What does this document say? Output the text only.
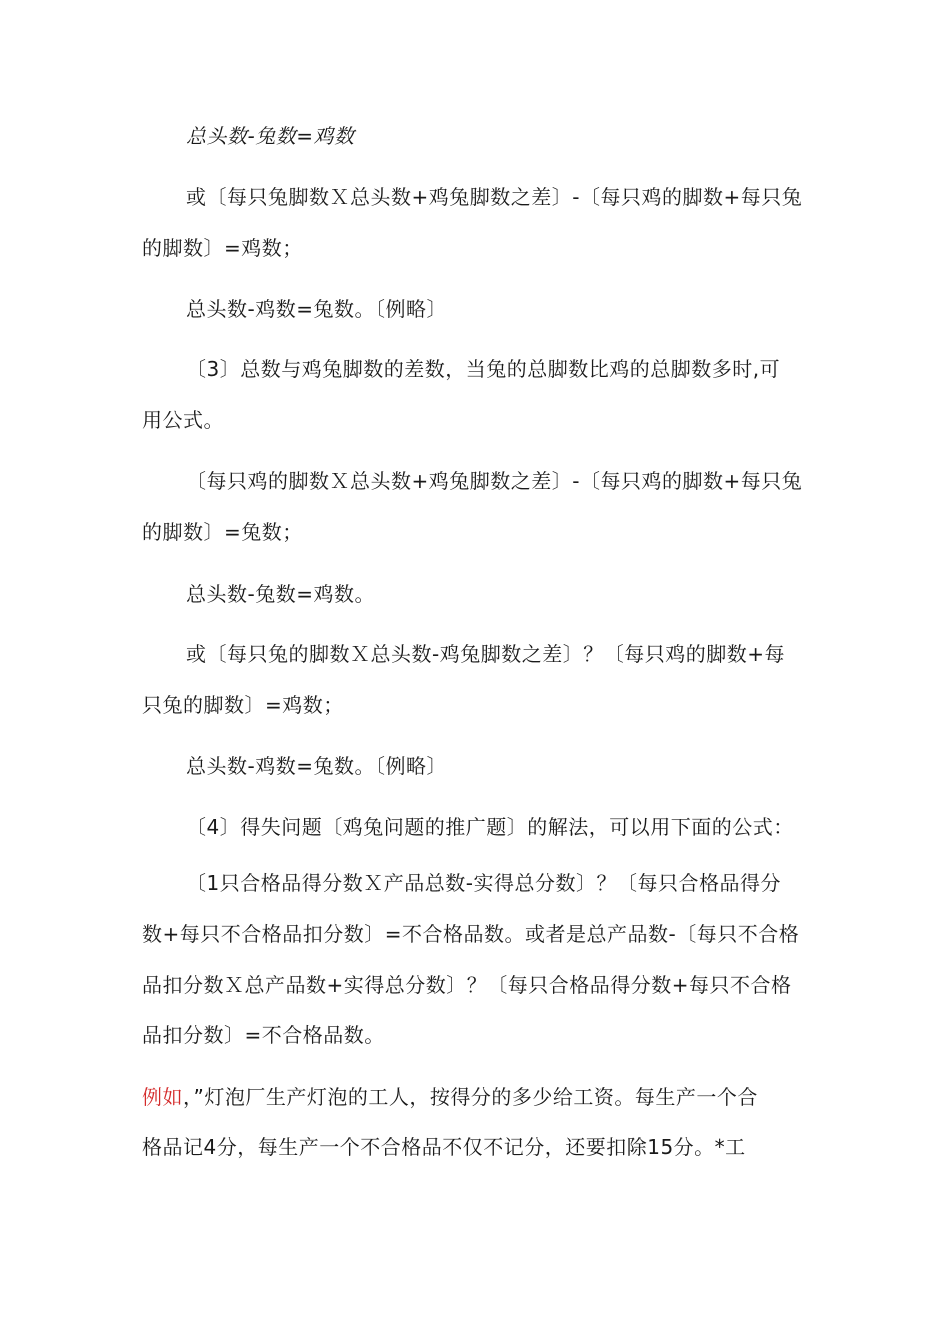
总头数-兔数=鸡数
或〔每只兔脚数Ｘ总头数+鸡兔脚数之差〕-〔每只鸡的脚数+每只兔
的脚数〕=鸡数；
总头数-鸡数=兔数。〔例略〕
〔3〕总数与鸡兔脚数的差数，当兔的总脚数比鸡的总脚数多时,可
用公式。
〔每只鸡的脚数Ｘ总头数+鸡兔脚数之差〕-〔每只鸡的脚数+每只兔
的脚数〕=兔数；
总头数-兔数=鸡数。
或〔每只兔的脚数Ｘ总头数-鸡兔脚数之差〕？〔每只鸡的脚数+每
只兔的脚数〕=鸡数；
总头数-鸡数=兔数。〔例略〕
〔4〕得失问题〔鸡兔问题的推广题〕的解法，可以用下面的公式：
〔1只合格品得分数Ｘ产品总数-实得总分数〕？〔每只合格品得分
数+每只不合格品扣分数〕=不合格品数。或者是总产品数-〔每只不合格
品扣分数Ｘ总产品数+实得总分数〕？〔每只合格品得分数+每只不合格
品扣分数〕=不合格品数。
例如，”灯泡厂生产灯泡的工人，按得分的多少给工资。每生产一个合
格品记4分，每生产一个不合格品不仅不记分，还要扣除15分。*工
